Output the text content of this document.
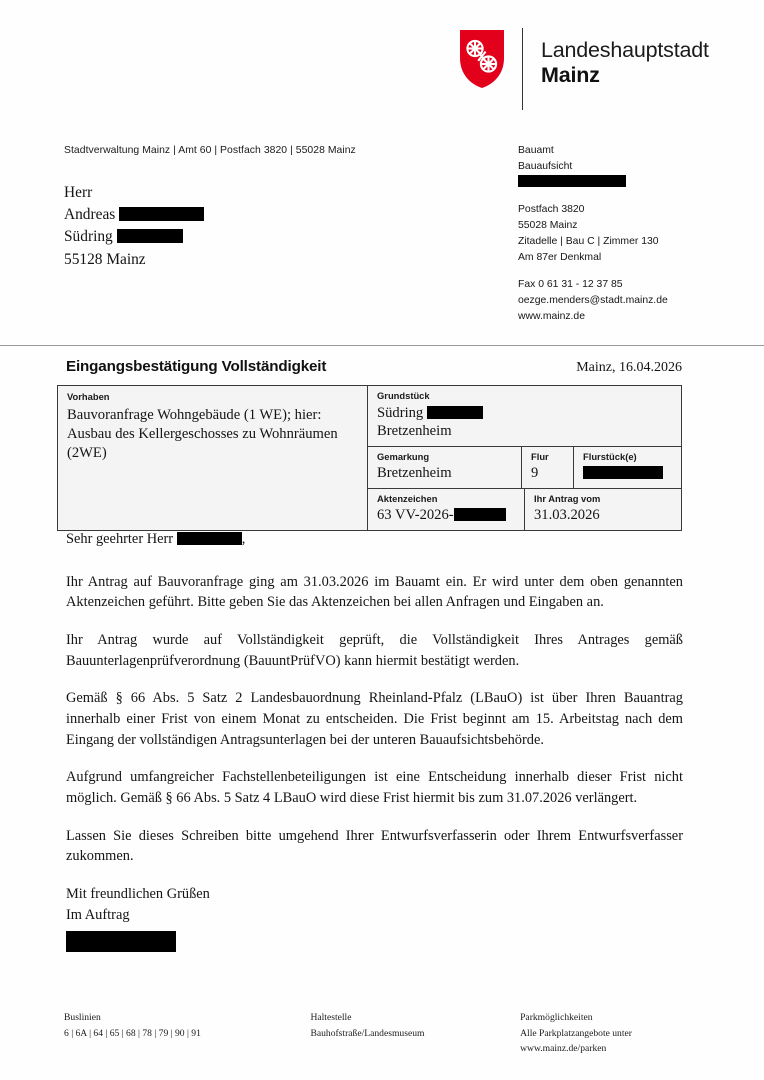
Landeshauptstadt
Mainz
Stadtverwaltung Mainz | Amt 60 | Postfach 3820 | 55028 Mainz
Herr
Andreas
Südring
55128 Mainz
Bauamt
Bauaufsicht
Postfach 3820
55028 Mainz
Zitadelle | Bau C | Zimmer 130
Am 87er Denkmal
Fax 0 61 31 - 12 37 85
oezge.menders@stadt.mainz.de
www.mainz.de
Eingangsbestätigung Vollständigkeit	Mainz, 16.04.2026
Vorhaben
Bauvoranfrage Wohngebäude (1 WE); hier: Ausbau des Kellergeschosses zu Wohnräumen (2WE)
Grundstück
Südring
Bretzenheim
Gemarkung
Bretzenheim
Flur
9
Flurstück(e)
Aktenzeichen
63 VV-2026-
Ihr Antrag vom
31.03.2026

Sehr geehrter Herr	,

Ihr Antrag auf Bauvoranfrage ging am 31.03.2026 im Bauamt ein. Er wird unter dem oben genannten Aktenzeichen geführt. Bitte geben Sie das Aktenzeichen bei allen Anfragen und Eingaben an.

Ihr Antrag wurde auf Vollständigkeit geprüft, die Vollständigkeit Ihres Antrages gemäß Bauunterlagenprüfverordnung (BauuntPrüfVO) kann hiermit bestätigt werden.

Gemäß § 66 Abs. 5 Satz 2 Landesbauordnung Rheinland-Pfalz (LBauO) ist über Ihren Bauantrag innerhalb einer Frist von einem Monat zu entscheiden. Die Frist beginnt am 15. Arbeitstag nach dem Eingang der vollständigen Antragsunterlagen bei der unteren Bauaufsichtsbehörde.

Aufgrund umfangreicher Fachstellenbeteiligungen ist eine Entscheidung innerhalb dieser Frist nicht möglich. Gemäß § 66 Abs. 5 Satz 4 LBauO wird diese Frist hiermit bis zum 31.07.2026 verlängert.

Lassen Sie dieses Schreiben bitte umgehend Ihrer Entwurfsverfasserin oder Ihrem Entwurfsverfasser zukommen.

Mit freundlichen Grüßen
Im Auftrag

Buslinien
6 | 6A | 64 | 65 | 68 | 78 | 79 | 90 | 91
Haltestelle
Bauhofstraße/Landesmuseum
Parkmöglichkeiten
Alle Parkplatzangebote unter
www.mainz.de/parken
